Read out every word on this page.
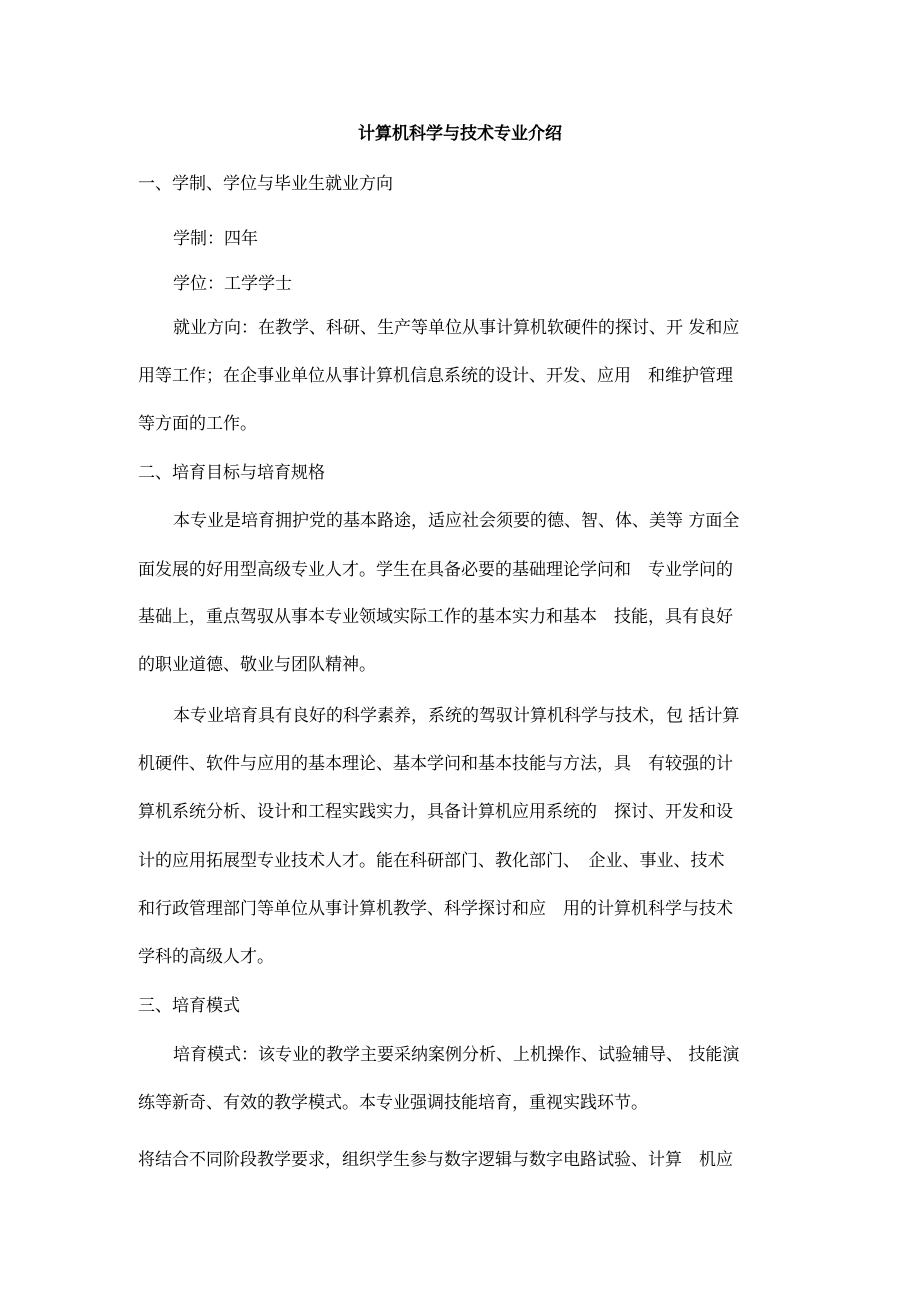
计算机科学与技术专业介绍

一、学制、学位与毕业生就业方向

学制：四年

学位：工学学士

就业方向：在教学、科研、生产等单位从事计算机软硬件的探讨、开 发和应

用等工作；在企事业单位从事计算机信息系统的设计、开发、应用　和维护管理

等方面的工作。

二、培育目标与培育规格

本专业是培育拥护党的基本路途，适应社会须要的德、智、体、美等 方面全

面发展的好用型高级专业人才。学生在具备必要的基础理论学问和　专业学问的

基础上，重点驾驭从事本专业领域实际工作的基本实力和基本　技能，具有良好

的职业道德、敬业与团队精神。

本专业培育具有良好的科学素养，系统的驾驭计算机科学与技术，包 括计算

机硬件、软件与应用的基本理论、基本学问和基本技能与方法，具　有较强的计

算机系统分析、设计和工程实践实力，具备计算机应用系统的　探讨、开发和设

计的应用拓展型专业技术人才。能在科研部门、教化部门、　企业、事业、技术

和行政管理部门等单位从事计算机教学、科学探讨和应　用的计算机科学与技术

学科的高级人才。

三、培育模式

培育模式：该专业的教学主要采纳案例分析、上机操作、试验辅导、 技能演

练等新奇、有效的教学模式。本专业强调技能培育，重视实践环节。

将结合不同阶段教学要求，组织学生参与数字逻辑与数字电路试验、计算　机应
